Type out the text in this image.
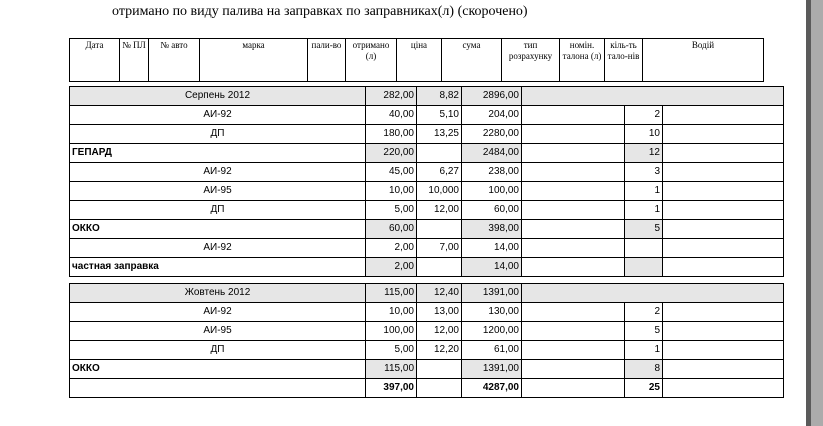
отримано по виду палива на заправках по заправниках(л) (скорочено)
Дата	№ ПЛ	№ авто	марка	пали-во	отримано (л)	ціна	сума	тип розрахунку	номін. талона (л)	кіль-ть тало-нів	Водій
Серпень 2012	282,00	8,82	2896,00			
АИ-92	40,00	5,10	204,00		2	
ДП	180,00	13,25	2280,00		10	
ГЕПАРД	220,00		2484,00		12	
АИ-92	45,00	6,27	238,00		3	
АИ-95	10,00	10,000	100,00		1	
ДП	5,00	12,00	60,00		1	
ОККО	60,00		398,00		5	
АИ-92	2,00	7,00	14,00			
частная заправка	2,00		14,00			

Жовтень 2012	115,00	12,40	1391,00			
АИ-92	10,00	13,00	130,00		2	
АИ-95	100,00	12,00	1200,00		5	
ДП	5,00	12,20	61,00		1	
ОККО	115,00		1391,00		8	
	397,00		4287,00		25	
